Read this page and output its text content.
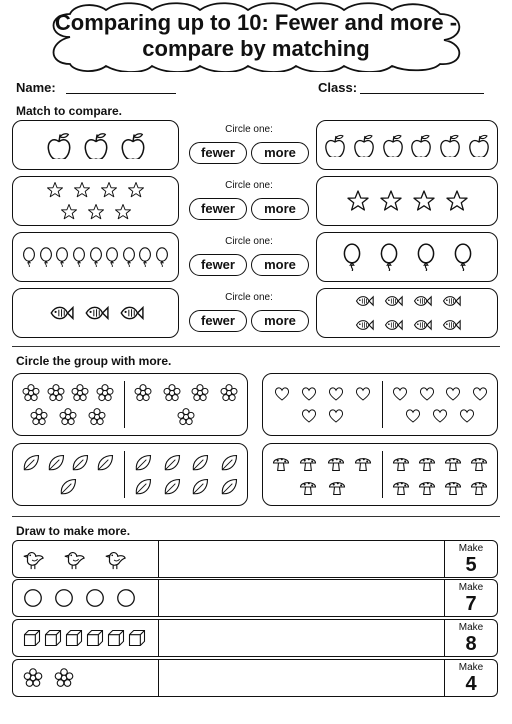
Comparing up to 10: Fewer and more -
compare by matching
Name:	Class:
Match to compare.
Circle one:
fewer	more
Circle one:
fewer	more
Circle one:
fewer	more
Circle one:
fewer	more
Circle the group with more.
Draw to make more.
Make
5
Make
7
Make
8
Make
4
